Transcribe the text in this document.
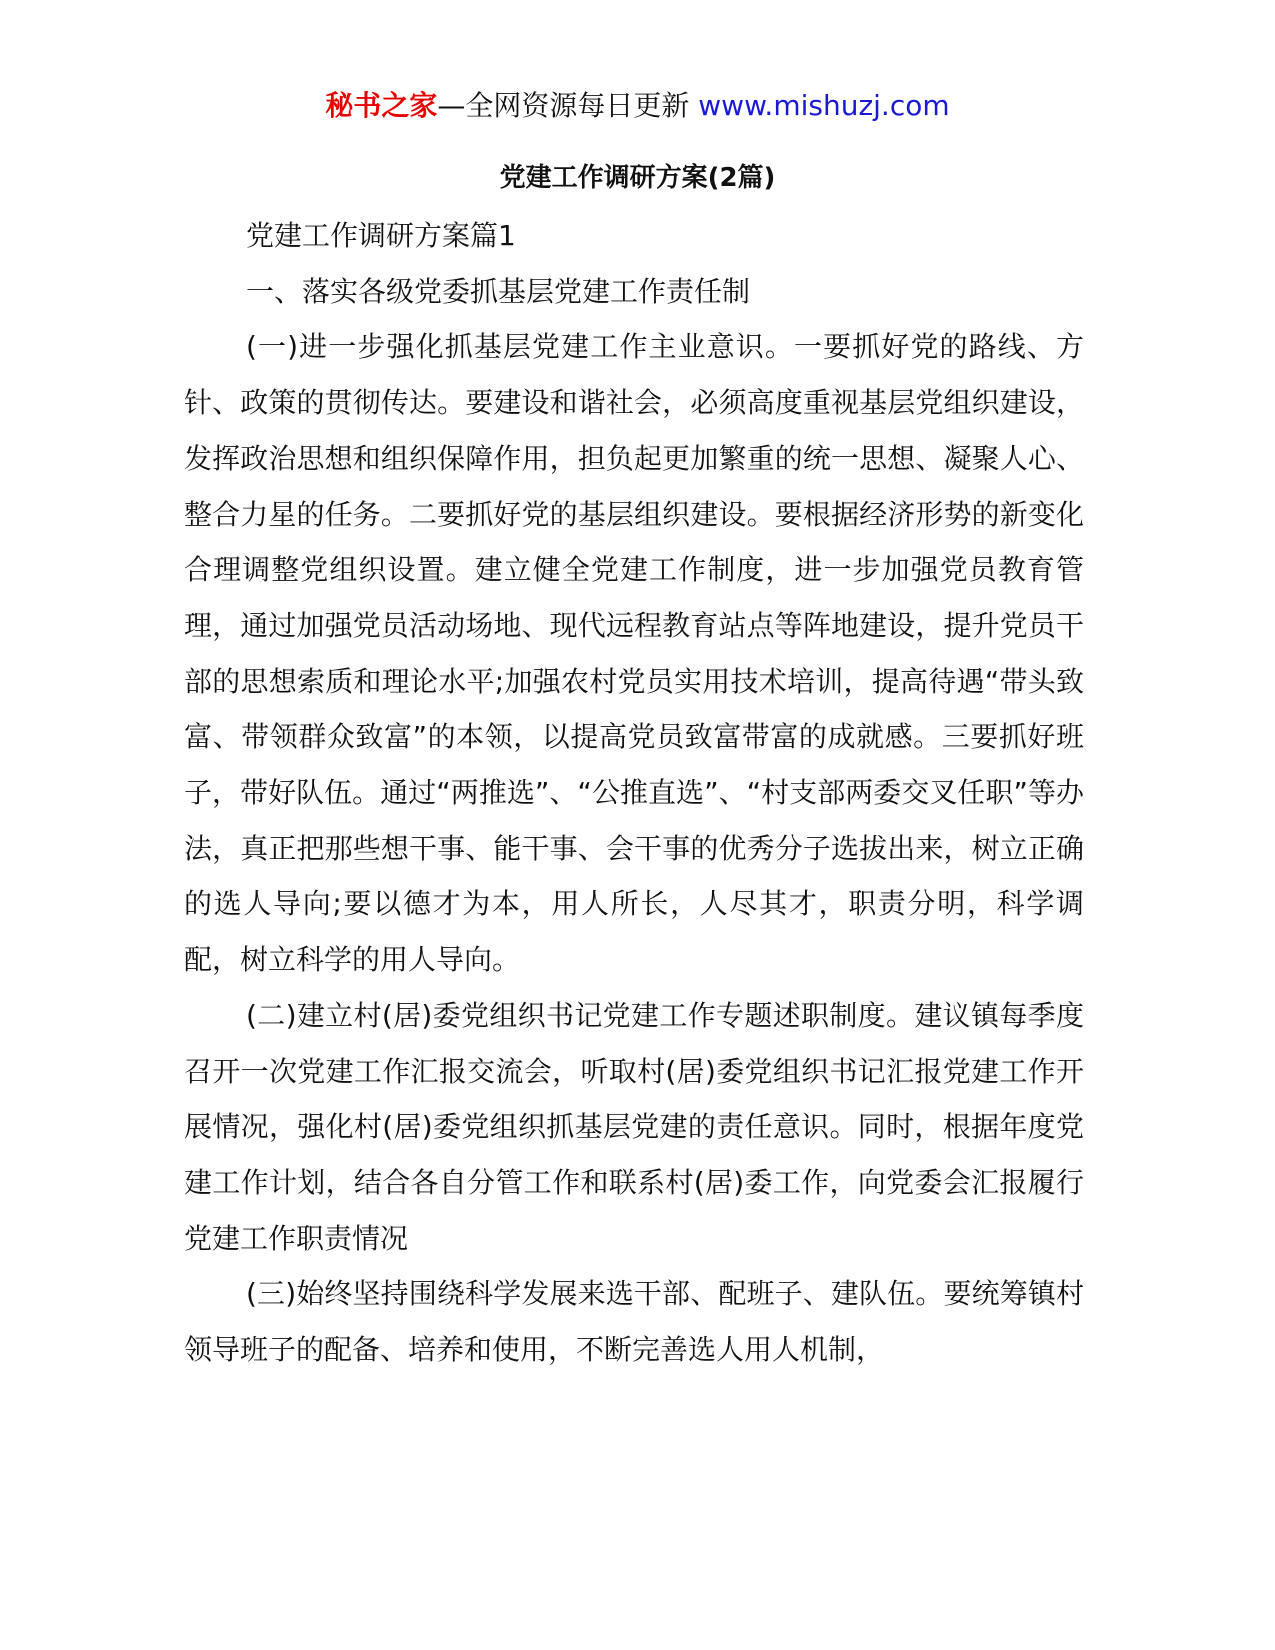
秘书之家—全网资源每日更新 www.mishuzj.com
党建工作调研方案(2篇)

党建工作调研方案篇1

一、落实各级党委抓基层党建工作责任制

(一)进一步强化抓基层党建工作主业意识。一要抓好党的路线、方针、政策的贯彻传达。要建设和谐社会，必须高度重视基层党组织建设，发挥政治思想和组织保障作用，担负起更加繁重的统一思想、凝聚人心、整合力星的任务。二要抓好党的基层组织建设。要根据经济形势的新变化合理调整党组织设置。建立健全党建工作制度，进一步加强党员教育管理，通过加强党员活动场地、现代远程教育站点等阵地建设，提升党员干部的思想索质和理论水平;加强农村党员实用技术培训，提高待遇“带头致富、带领群众致富”的本领，以提高党员致富带富的成就感。三要抓好班子，带好队伍。通过“两推选”、“公推直选”、“村支部两委交叉任职”等办法，真正把那些想干事、能干事、会干事的优秀分子选拔出来，树立正确的选人导向;要以德才为本，用人所长，人尽其才，职责分明，科学调配，树立科学的用人导向。

(二)建立村(居)委党组织书记党建工作专题述职制度。建议镇每季度召开一次党建工作汇报交流会，听取村(居)委党组织书记汇报党建工作开展情况，强化村(居)委党组织抓基层党建的责任意识。同时，根据年度党建工作计划，结合各自分管工作和联系村(居)委工作，向党委会汇报履行党建工作职责情况

(三)始终坚持围绕科学发展来选干部、配班子、建队伍。要统筹镇村领导班子的配备、培养和使用，不断完善选人用人机制，
